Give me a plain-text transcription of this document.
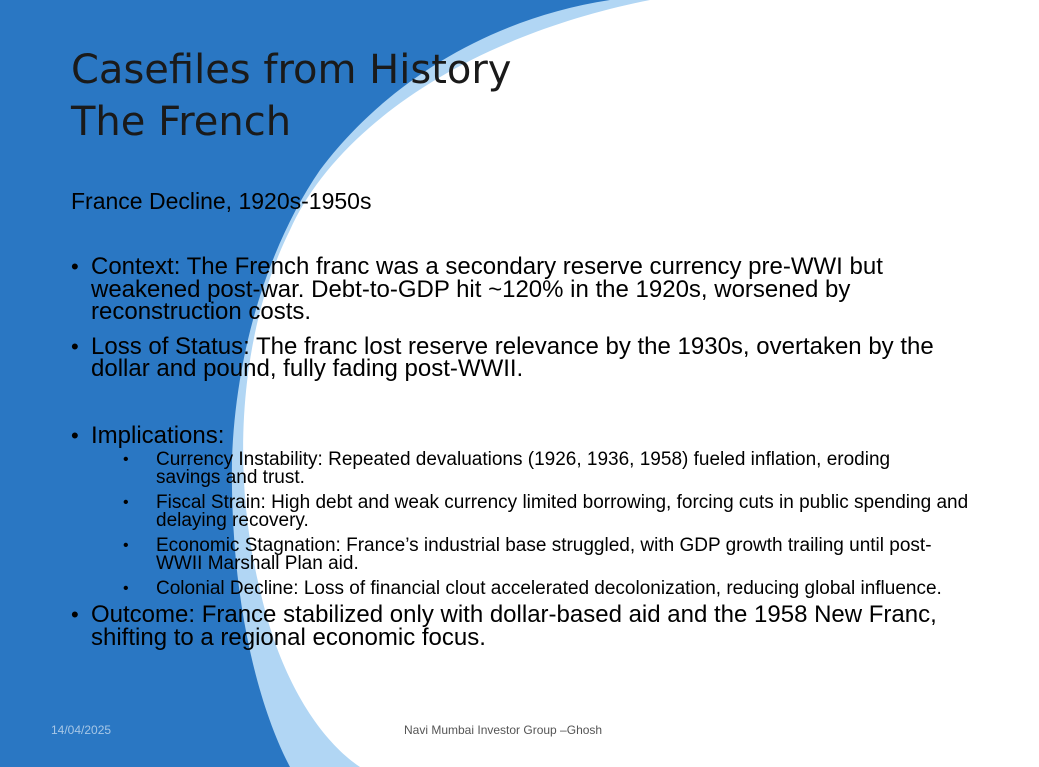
Casefiles from History
The French
France Decline, 1920s-1950s
• Context: The French franc was a secondary reserve currency pre-WWI but weakened post-war. Debt-to-GDP hit ~120% in the 1920s, worsened by reconstruction costs.
• Loss of Status: The franc lost reserve relevance by the 1930s, overtaken by the dollar and pound, fully fading post-WWII.
• Implications:
• Currency Instability: Repeated devaluations (1926, 1936, 1958) fueled inflation, eroding savings and trust.
• Fiscal Strain: High debt and weak currency limited borrowing, forcing cuts in public spending and delaying recovery.
• Economic Stagnation: France’s industrial base struggled, with GDP growth trailing until post-WWII Marshall Plan aid.
• Colonial Decline: Loss of financial clout accelerated decolonization, reducing global influence.
• Outcome: France stabilized only with dollar-based aid and the 1958 New Franc, shifting to a regional economic focus.
14/04/2025	Navi Mumbai Investor Group –Ghosh
